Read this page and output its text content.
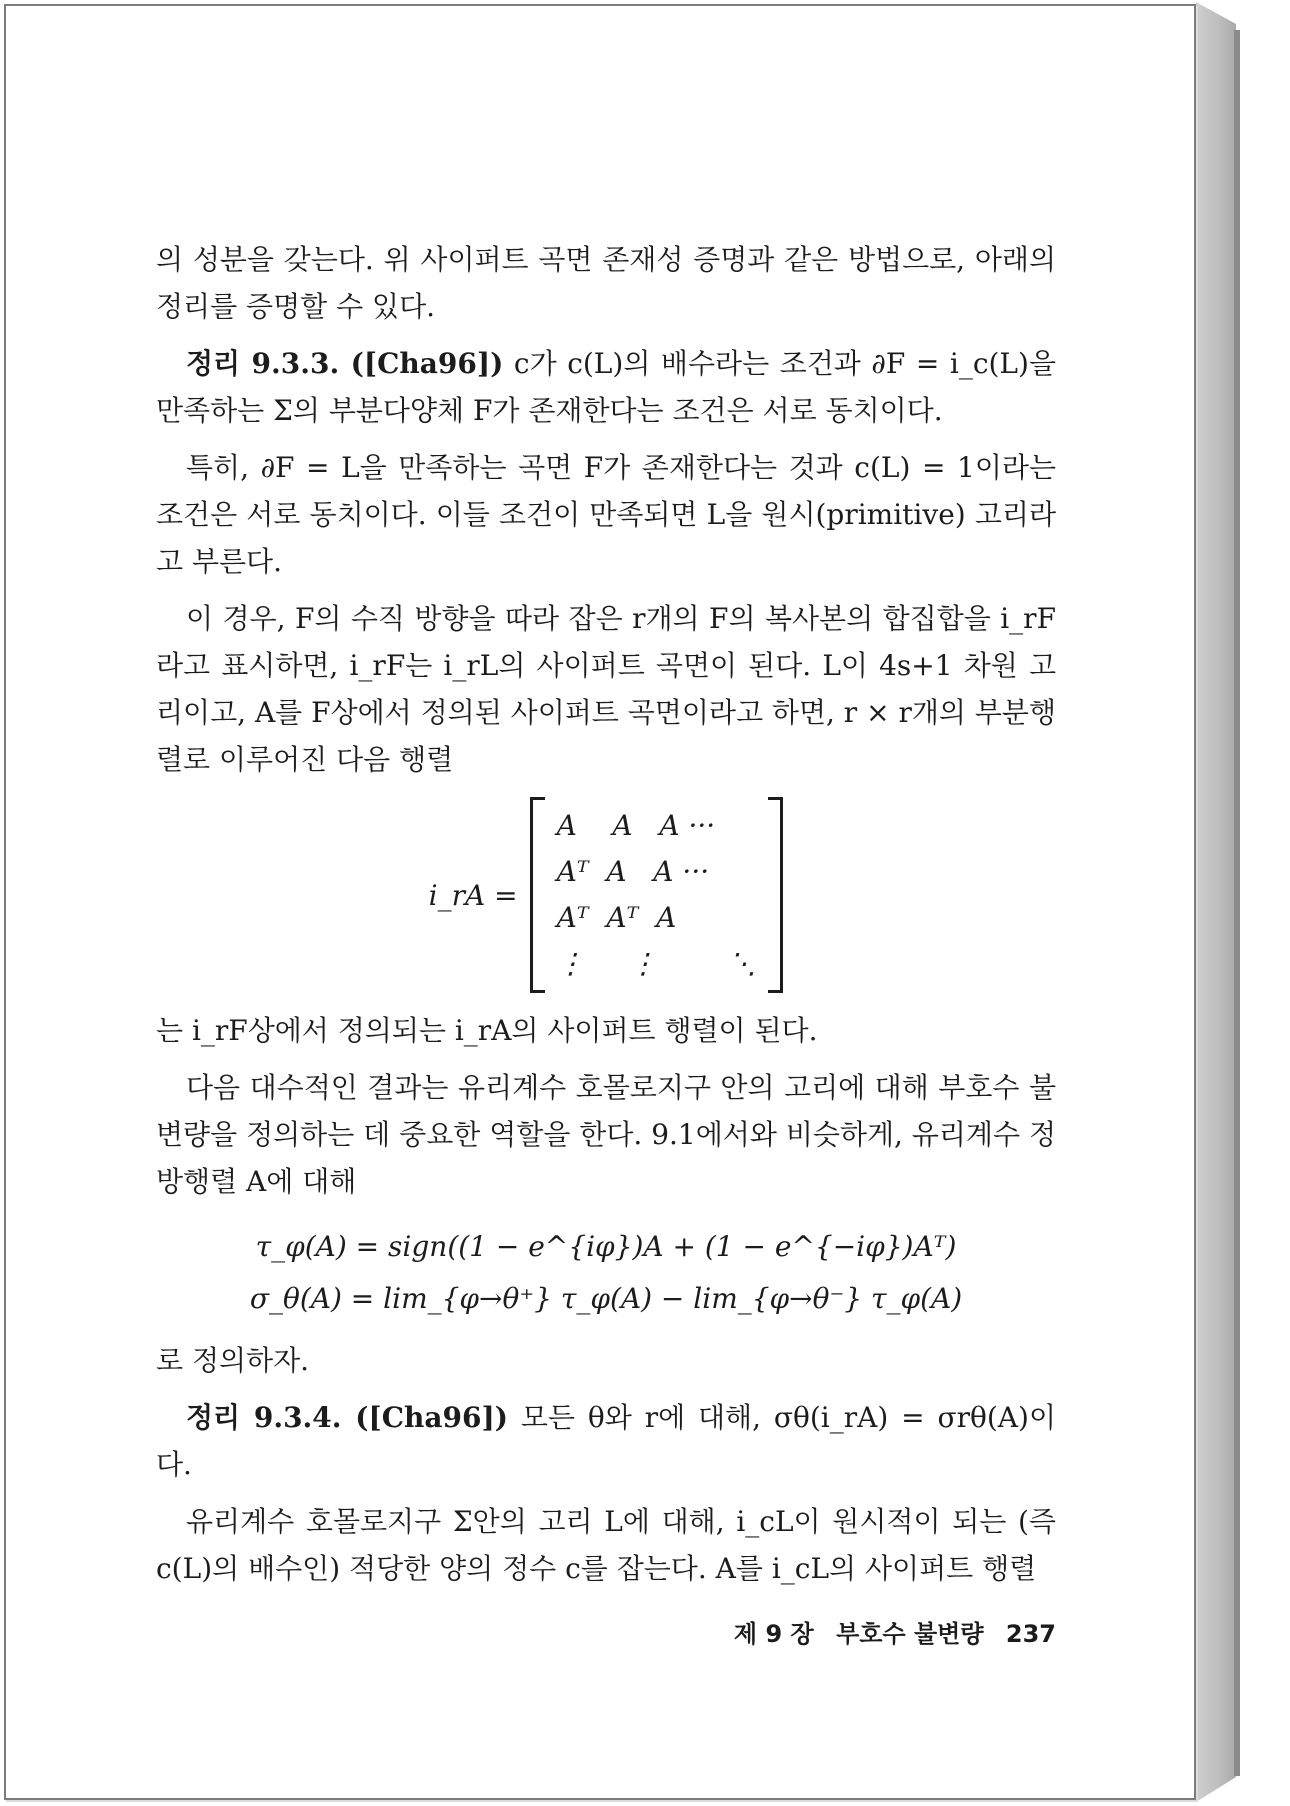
의 성분을 갖는다. 위 사이퍼트 곡면 존재성 증명과 같은 방법으로, 아래의 정리를 증명할 수 있다.

정리 9.3.3. ([Cha96]) c가 c(L)의 배수라는 조건과 ∂F = i_c(L)을 만족하는 Σ의 부분다양체 F가 존재한다는 조건은 서로 동치이다.

특히, ∂F = L을 만족하는 곡면 F가 존재한다는 것과 c(L) = 1이라는 조건은 서로 동치이다. 이들 조건이 만족되면 L을 원시(primitive) 고리라고 부른다.

이 경우, F의 수직 방향을 따라 잡은 r개의 F의 복사본의 합집합을 i_rF라고 표시하면, i_rF는 i_rL의 사이퍼트 곡면이 된다. L이 4s+1 차원 고리이고, A를 F상에서 정의된 사이퍼트 곡면이라고 하면, r × r개의 부분행렬로 이루어진 다음 행렬

i_rA =
A    A   A ···
Aᵀ  A   A ···
Aᵀ  Aᵀ  A
⋮     ⋮        ⋱

는 i_rF상에서 정의되는 i_rA의 사이퍼트 행렬이 된다.

다음 대수적인 결과는 유리계수 호몰로지구 안의 고리에 대해 부호수 불변량을 정의하는 데 중요한 역할을 한다. 9.1에서와 비슷하게, 유리계수 정방행렬 A에 대해

τ_φ(A) = sign((1 − e^{iφ})A + (1 − e^{−iφ})Aᵀ)
σ_θ(A) = lim_{φ→θ⁺} τ_φ(A) − lim_{φ→θ⁻} τ_φ(A)

로 정의하자.

정리 9.3.4. ([Cha96]) 모든 θ와 r에 대해, σθ(i_rA) = σrθ(A)이다.

유리계수 호몰로지구 Σ안의 고리 L에 대해, i_cL이 원시적이 되는 (즉 c(L)의 배수인) 적당한 양의 정수 c를 잡는다. A를 i_cL의 사이퍼트 행렬

제 9 장 부호수 불변량 237
